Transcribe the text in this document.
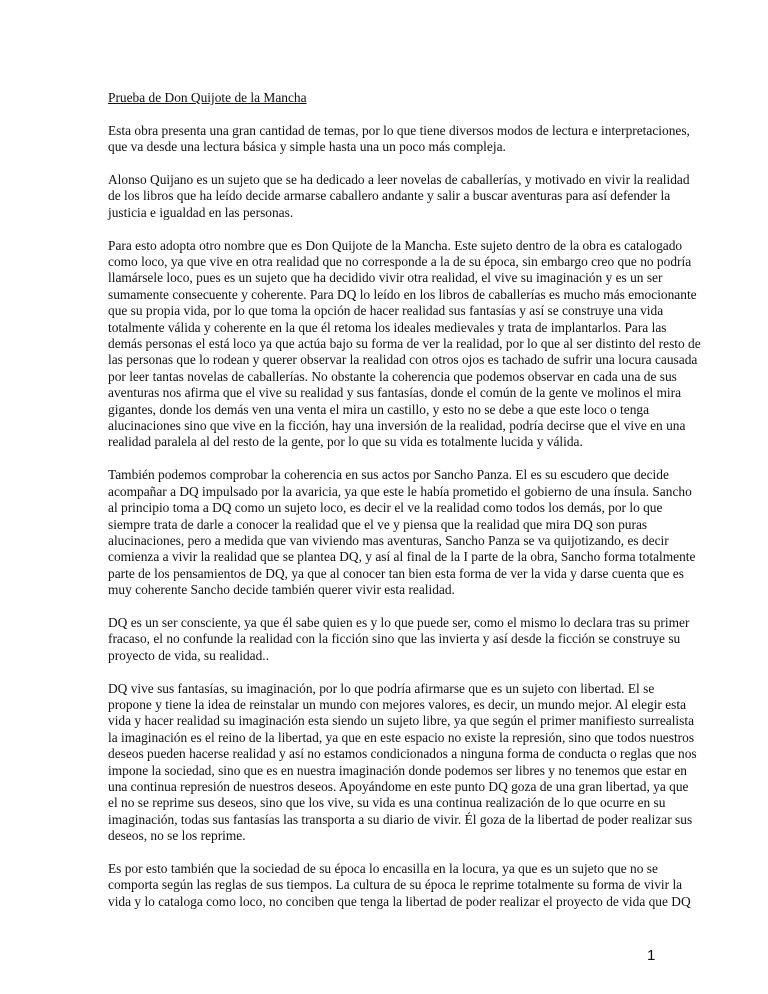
Prueba de Don Quijote de la Mancha
Esta obra presenta una gran cantidad de temas, por lo que tiene diversos modos de lectura e interpretaciones,
que va desde una lectura básica y simple hasta una un poco más compleja.
Alonso Quijano es un sujeto que se ha dedicado a leer novelas de caballerías, y motivado en vivir la realidad
de los libros que ha leído decide armarse caballero andante y salir a buscar aventuras para así defender la
justicia e igualdad en las personas.
Para esto adopta otro nombre que es Don Quijote de la Mancha. Este sujeto dentro de la obra es catalogado
como loco, ya que vive en otra realidad que no corresponde a la de su época, sin embargo creo que no podría
llamársele loco, pues es un sujeto que ha decidido vivir otra realidad, el vive su imaginación y es un ser
sumamente consecuente y coherente. Para DQ lo leído en los libros de caballerías es mucho más emocionante
que su propia vida, por lo que toma la opción de hacer realidad sus fantasías y así se construye una vida
totalmente válida y coherente en la que él retoma los ideales medievales y trata de implantarlos. Para las
demás personas el está loco ya que actúa bajo su forma de ver la realidad, por lo que al ser distinto del resto de
las personas que lo rodean y querer observar la realidad con otros ojos es tachado de sufrir una locura causada
por leer tantas novelas de caballerías. No obstante la coherencia que podemos observar en cada una de sus
aventuras nos afirma que el vive su realidad y sus fantasías, donde el común de la gente ve molinos el mira
gigantes, donde los demás ven una venta el mira un castillo, y esto no se debe a que este loco o tenga
alucinaciones sino que vive en la ficción, hay una inversión de la realidad, podría decirse que el vive en una
realidad paralela al del resto de la gente, por lo que su vida es totalmente lucida y válida.
También podemos comprobar la coherencia en sus actos por Sancho Panza. El es su escudero que decide
acompañar a DQ impulsado por la avaricia, ya que este le había prometido el gobierno de una ínsula. Sancho
al principio toma a DQ como un sujeto loco, es decir el ve la realidad como todos los demás, por lo que
siempre trata de darle a conocer la realidad que el ve y piensa que la realidad que mira DQ son puras
alucinaciones, pero a medida que van viviendo mas aventuras, Sancho Panza se va quijotizando, es decir
comienza a vivir la realidad que se plantea DQ, y así al final de la I parte de la obra, Sancho forma totalmente
parte de los pensamientos de DQ, ya que al conocer tan bien esta forma de ver la vida y darse cuenta que es
muy coherente Sancho decide también querer vivir esta realidad.
DQ es un ser consciente, ya que él sabe quien es y lo que puede ser, como el mismo lo declara tras su primer
fracaso, el no confunde la realidad con la ficción sino que las invierta y así desde la ficción se construye su
proyecto de vida, su realidad..
DQ vive sus fantasías, su imaginación, por lo que podría afirmarse que es un sujeto con libertad. El se
propone y tiene la idea de reinstalar un mundo con mejores valores, es decir, un mundo mejor. Al elegir esta
vida y hacer realidad su imaginación esta siendo un sujeto libre, ya que según el primer manifiesto surrealista
la imaginación es el reino de la libertad, ya que en este espacio no existe la represión, sino que todos nuestros
deseos pueden hacerse realidad y así no estamos condicionados a ninguna forma de conducta o reglas que nos
impone la sociedad, sino que es en nuestra imaginación donde podemos ser libres y no tenemos que estar en
una continua represión de nuestros deseos. Apoyándome en este punto DQ goza de una gran libertad, ya que
el no se reprime sus deseos, sino que los vive, su vida es una continua realización de lo que ocurre en su
imaginación, todas sus fantasías las transporta a su diario de vivir. Él goza de la libertad de poder realizar sus
deseos, no se los reprime.
Es por esto también que la sociedad de su época lo encasilla en la locura, ya que es un sujeto que no se
comporta según las reglas de sus tiempos. La cultura de su época le reprime totalmente su forma de vivir la
vida y lo cataloga como loco, no conciben que tenga la libertad de poder realizar el proyecto de vida que DQ
1
